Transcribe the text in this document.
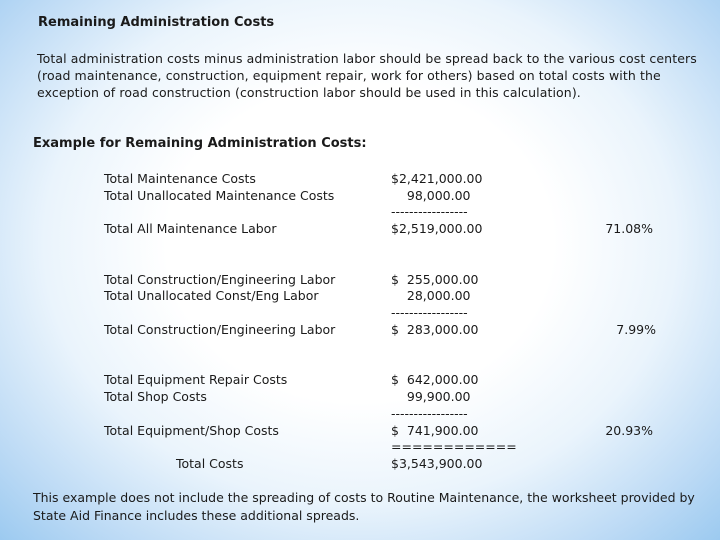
Remaining Administration Costs
Total administration costs minus administration labor should be spread back to the various cost centers (road maintenance, construction, equipment repair, work for others) based on total costs with the exception of road construction (construction labor should be used in this calculation).
Example for Remaining Administration Costs:
Total Maintenance Costs	$2,421,000.00
Total Unallocated Maintenance Costs	98,000.00
-----------------
Total All Maintenance Labor	$2,519,000.00	71.08%
Total Construction/Engineering Labor	$  255,000.00
Total Unallocated Const/Eng Labor	28,000.00
-----------------
Total Construction/Engineering Labor	$  283,000.00	7.99%
Total Equipment Repair Costs	$  642,000.00
Total Shop Costs	99,900.00
-----------------
Total Equipment/Shop Costs	$  741,900.00	20.93%
============
Total Costs	$3,543,900.00
This example does not include the spreading of costs to Routine Maintenance, the worksheet provided by State Aid Finance includes these additional spreads.
